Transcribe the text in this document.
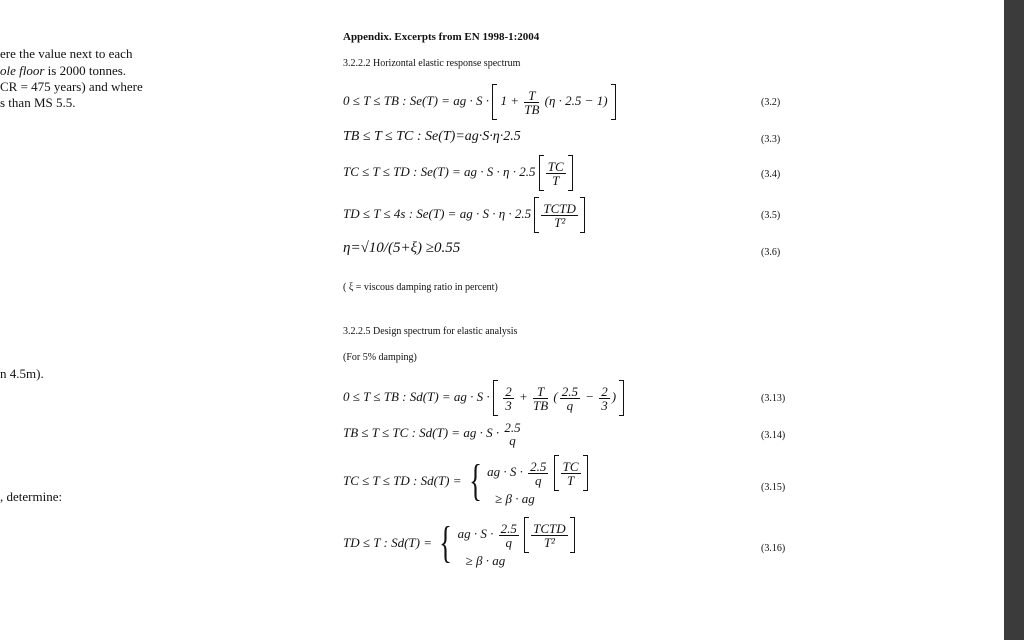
ere the value next to each
ole floor is 2000 tonnes.
CR = 475 years) and where
s than MS 5.5.
n 4.5m).
, determine:
Appendix. Excerpts from EN 1998-1:2004
3.2.2.2 Horizontal elastic response spectrum
0 ≤ T ≤ TB : Se(T) = ag · $S \cdot 1 + \frac{T}{TB} (\eta \cdot 2.5 - 1)$	(3.2)
TB ≤ T ≤ TC : Se(T)=ag·S·η·2.5	(3.3)
TC ≤ T ≤ TD : Se(T) = ag · $S \cdot \eta \cdot 2.5 \frac{TC}{T}$	(3.4)
TD ≤ T ≤ 4s : Se(T) = ag · $S \cdot \eta \cdot 2.5 \frac{\text{TCTD}}{\text{T²}}$	(3.5)
η=√10/(5+ξ) ≥0.55	(3.6)
( ξ = viscous damping ratio in percent)
3.2.2.5 Design spectrum for elastic analysis
(For 5% damping)
0 ≤ T ≤ TB : Sd(T) = ag · $S \cdot \frac{2}{3} + \frac{T}{TB}$ ( $\frac{2.5}{q} - \frac{2}{3}$ )	(3.13)
TB ≤ T ≤ TC : Sd(T) = ag · S · 2.5
q	(3.14)
TC ≤ T ≤ TD : Sd(T) = { ag · $S \cdot \frac{2.5}{q}$
$\frac{TC}{T}$
≥ β · ag
(3.15)
TD ≤ T : Sd(T) = { ag · $S \cdot \frac{2.5}{q}$
$\frac{\text{TCTD}}{\text{T²}}$
≥ β · ag
(3.16)
